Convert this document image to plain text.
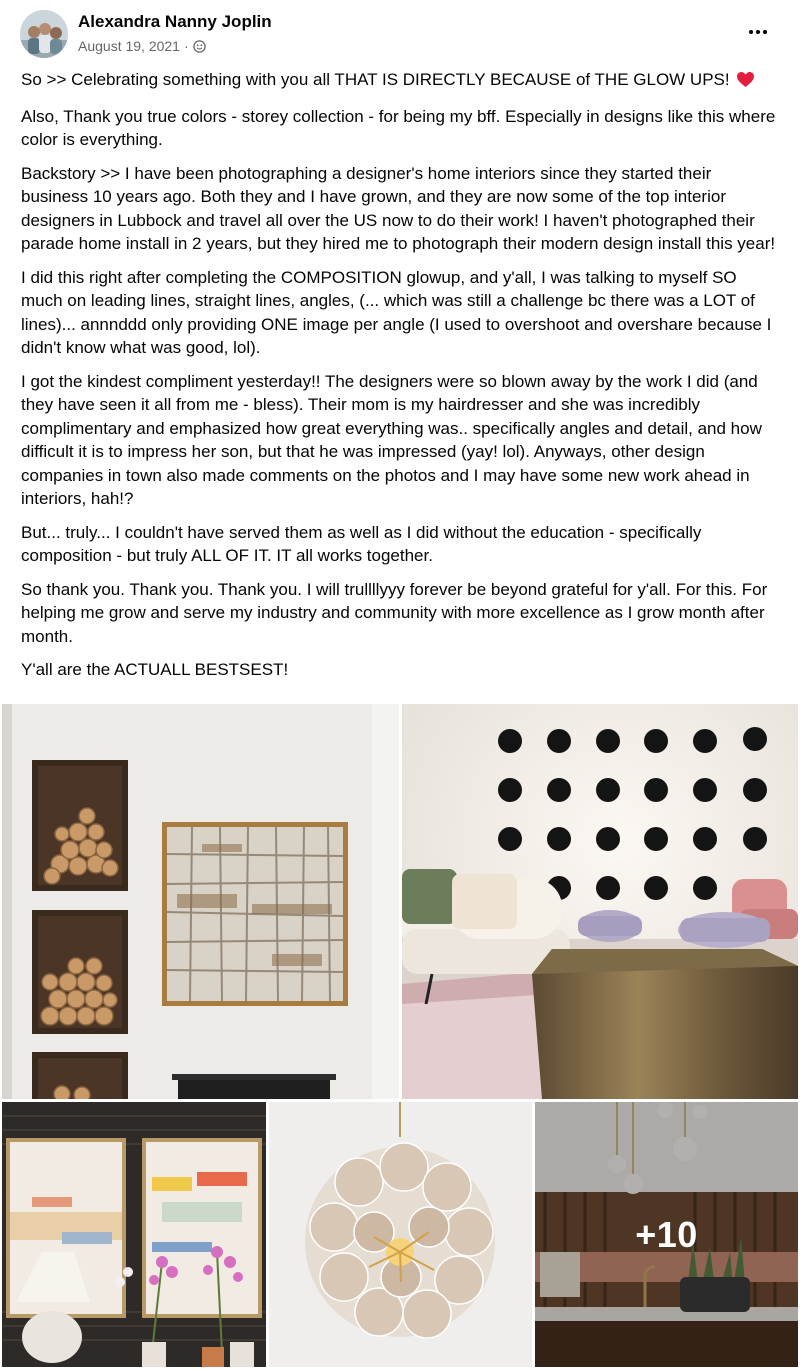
Alexandra Nanny Joplin
August 19, 2021 ·

So >> Celebrating something with you all THAT IS DIRECTLY BECAUSE of THE GLOW UPS!

Also, Thank you true colors - storey collection - for being my bff. Especially in designs like this where color is everything.

Backstory >> I have been photographing a designer's home interiors since they started their business 10 years ago. Both they and I have grown, and they are now some of the top interior designers in Lubbock and travel all over the US now to do their work! I haven't photographed their parade home install in 2 years, but they hired me to photograph their modern design install this year!

I did this right after completing the COMPOSITION glowup, and y'all, I was talking to myself SO much on leading lines, straight lines, angles, (... which was still a challenge bc there was a LOT of lines)... annnddd only providing ONE image per angle (I used to overshoot and overshare because I didn't know what was good, lol).

I got the kindest compliment yesterday!! The designers were so blown away by the work I did (and they have seen it all from me - bless). Their mom is my hairdresser and she was incredibly complimentary and emphasized how great everything was.. specifically angles and detail, and how difficult it is to impress her son, but that he was impressed (yay! lol). Anyways, other design companies in town also made comments on the photos and I may have some new work ahead in interiors, hah!?

But... truly... I couldn't have served them as well as I did without the education - specifically composition - but truly ALL OF IT. IT all works together.

So thank you. Thank you. Thank you. I will trullllyyy forever be beyond grateful for y'all. For this. For helping me grow and serve my industry and community with more excellence as I grow month after month.

Y'all are the ACTUALL BESTSEST!

+10
